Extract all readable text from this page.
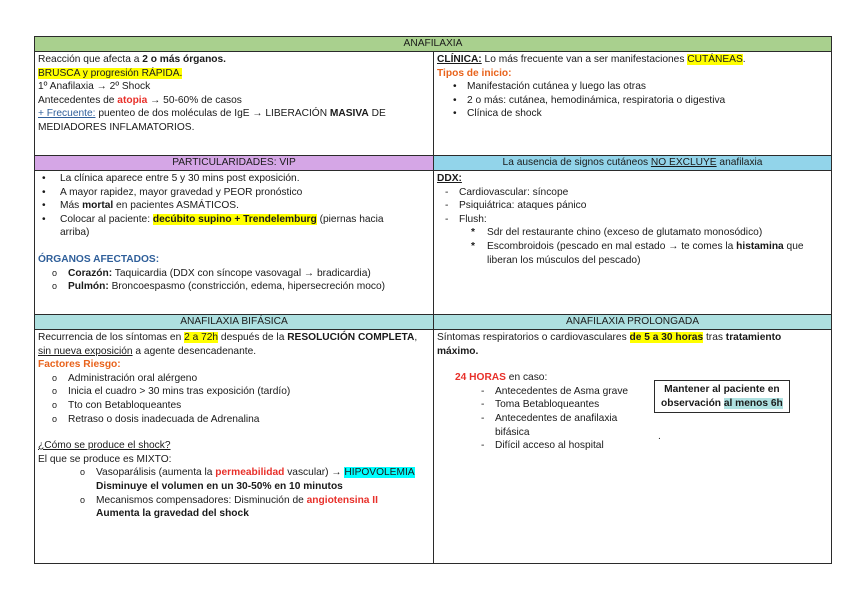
ANAFILAXIA

Reacción que afecta a 2 o más órganos.

BRUSCA y progresión RÁPIDA.

1º Anafilaxia → 2º Shock

Antecedentes de atopia → 50-60% de casos

+ Frecuente: puenteo de dos moléculas de IgE → LIBERACIÓN MASIVA DE

MEDIADORES INFLAMATORIOS.

CLÍNICA: Lo más frecuente van a ser manifestaciones CUTÁNEAS.

Tipos de inicio:

• Manifestación cutánea y luego las otras
• 2 o más: cutánea, hemodinámica, respiratoria o digestiva
• Clínica de shock
PARTICULARIDADES: VIP	La ausencia de signos cutáneos NO EXCLUYE anafilaxia
• La clínica aparece entre 5 y 30 mins post exposición.
• A mayor rapidez, mayor gravedad y PEOR pronóstico
• Más mortal en pacientes ASMÁTICOS.
• Colocar al paciente: decúbito supino + Trendelemburg (piernas hacia
arriba)

ÓRGANOS AFECTADOS:

o Corazón: Taquicardia (DDX con síncope vasovagal → bradicardia)
o Pulmón: Broncoespasmo (constricción, edema, hipersecreción moco)

DDX:

- Cardiovascular: síncope
- Psiquiátrica: ataques pánico
- Flush:
* Sdr del restaurante chino (exceso de glutamato monosódico)
* Escombroidois (pescado en mal estado → te comes la histamina que
liberan los músculos del pescado)
ANAFILAXIA BIFÁSICA	ANAFILAXIA PROLONGADA

Recurrencia de los síntomas en 2 a 72h después de la RESOLUCIÓN COMPLETA,

sin nueva exposición a agente desencadenante.

Factores Riesgo:

o Administración oral alérgeno
o Inicia el cuadro > 30 mins tras exposición (tardío)
o Tto con Betabloqueantes
o Retraso o dosis inadecuada de Adrenalina

¿Cómo se produce el shock?

El que se produce es MIXTO:

o Vasoparálisis (aumenta la permeabilidad vascular) → HIPOVOLEMIA
Disminuye el volumen en un 30-50% en 10 minutos
o Mecanismos compensadores: Disminución de angiotensina II
Aumenta la gravedad del shock

Síntomas respiratorios o cardiovasculares de 5 a 30 horas tras tratamiento

máximo.

24 HORAS en caso:

- Antecedentes de Asma grave
- Toma Betabloqueantes
- Antecedentes de anafilaxia
bifásica
- Difícil acceso al hospital
Mantener al paciente en
observación al menos 6h
.
